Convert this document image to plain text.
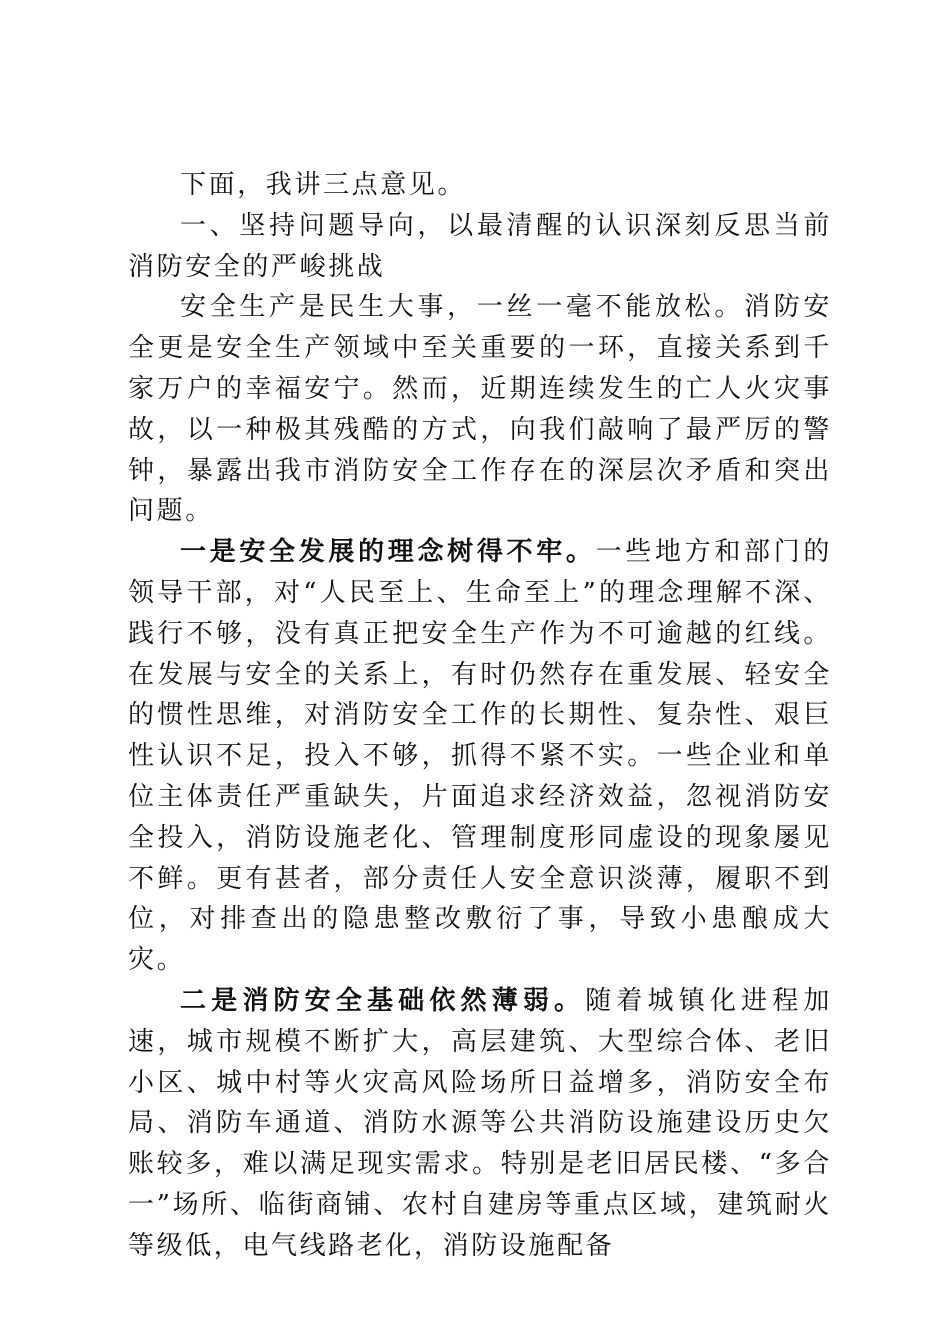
下面，我讲三点意见。

一、坚持问题导向，以最清醒的认识深刻反思当前消防安全的严峻挑战

安全生产是民生大事，一丝一毫不能放松。消防安全更是安全生产领域中至关重要的一环，直接关系到千家万户的幸福安宁。然而，近期连续发生的亡人火灾事故，以一种极其残酷的方式，向我们敲响了最严厉的警钟，暴露出我市消防安全工作存在的深层次矛盾和突出问题。

一是安全发展的理念树得不牢。一些地方和部门的领导干部，对“人民至上、生命至上”的理念理解不深、践行不够，没有真正把安全生产作为不可逾越的红线。在发展与安全的关系上，有时仍然存在重发展、轻安全的惯性思维，对消防安全工作的长期性、复杂性、艰巨性认识不足，投入不够，抓得不紧不实。一些企业和单位主体责任严重缺失，片面追求经济效益，忽视消防安全投入，消防设施老化、管理制度形同虚设的现象屡见不鲜。更有甚者，部分责任人安全意识淡薄，履职不到位，对排查出的隐患整改敷衍了事，导致小患酿成大灾。

二是消防安全基础依然薄弱。随着城镇化进程加速，城市规模不断扩大，高层建筑、大型综合体、老旧小区、城中村等火灾高风险场所日益增多，消防安全布局、消防车通道、消防水源等公共消防设施建设历史欠账较多，难以满足现实需求。特别是老旧居民楼、“多合一”场所、临街商铺、农村自建房等重点区域，建筑耐火等级低，电气线路老化，消防设施配备
